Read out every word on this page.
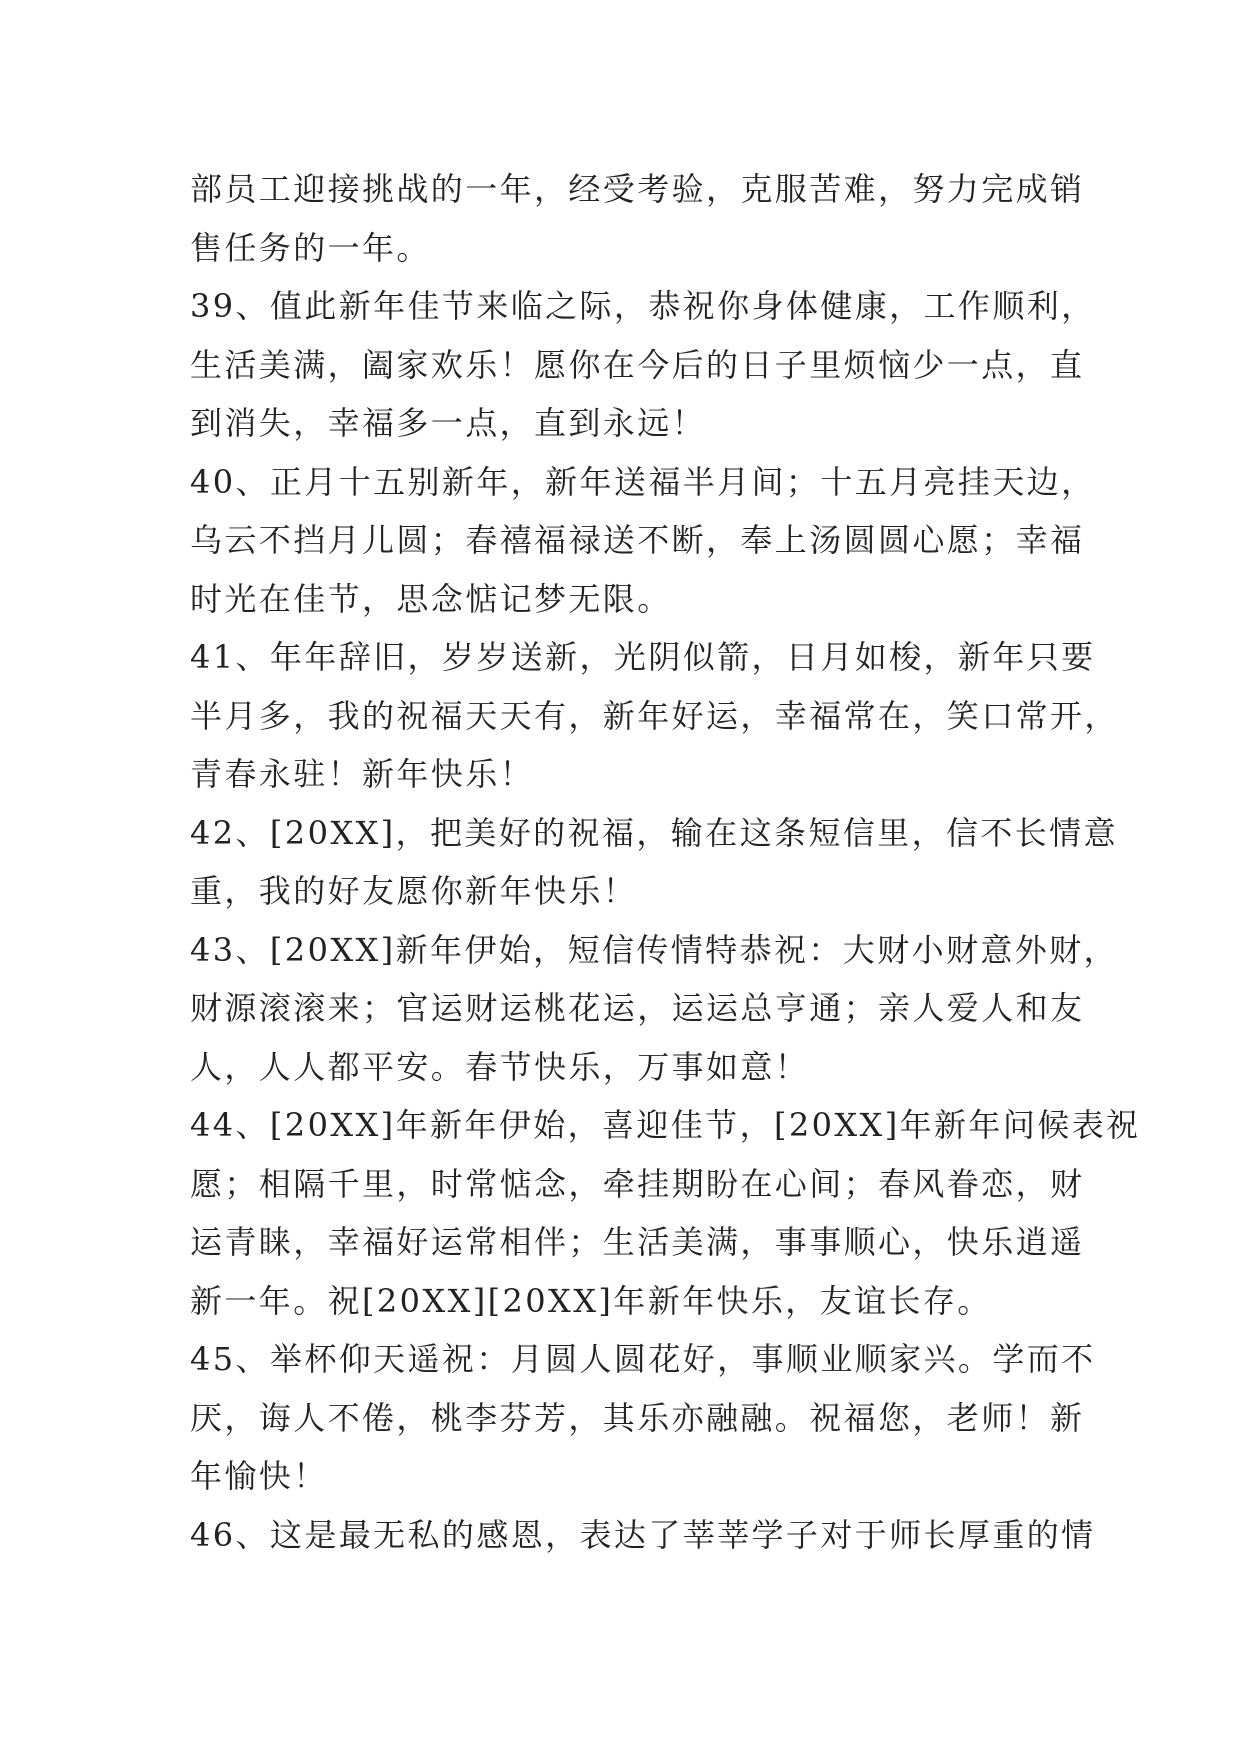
部员工迎接挑战的一年，经受考验，克服苦难，努力完成销
售任务的一年。
39、值此新年佳节来临之际，恭祝你身体健康，工作顺利，
生活美满，阖家欢乐！愿你在今后的日子里烦恼少一点，直
到消失，幸福多一点，直到永远！
40、正月十五别新年，新年送福半月间；十五月亮挂天边，
乌云不挡月儿圆；春禧福禄送不断，奉上汤圆圆心愿；幸福
时光在佳节，思念惦记梦无限。
41、年年辞旧，岁岁送新，光阴似箭，日月如梭，新年只要
半月多，我的祝福天天有，新年好运，幸福常在，笑口常开，
青春永驻！新年快乐！
42、[20XX]，把美好的祝福，输在这条短信里，信不长情意
重，我的好友愿你新年快乐！
43、[20XX]新年伊始，短信传情特恭祝：大财小财意外财，
财源滚滚来；官运财运桃花运，运运总亨通；亲人爱人和友
人，人人都平安。春节快乐，万事如意！
44、[20XX]年新年伊始，喜迎佳节，[20XX]年新年问候表祝
愿；相隔千里，时常惦念，牵挂期盼在心间；春风眷恋，财
运青睐，幸福好运常相伴；生活美满，事事顺心，快乐逍遥
新一年。祝[20XX][20XX]年新年快乐，友谊长存。
45、举杯仰天遥祝：月圆人圆花好，事顺业顺家兴。学而不
厌，诲人不倦，桃李芬芳，其乐亦融融。祝福您，老师！新
年愉快！
46、这是最无私的感恩，表达了莘莘学子对于师长厚重的情
